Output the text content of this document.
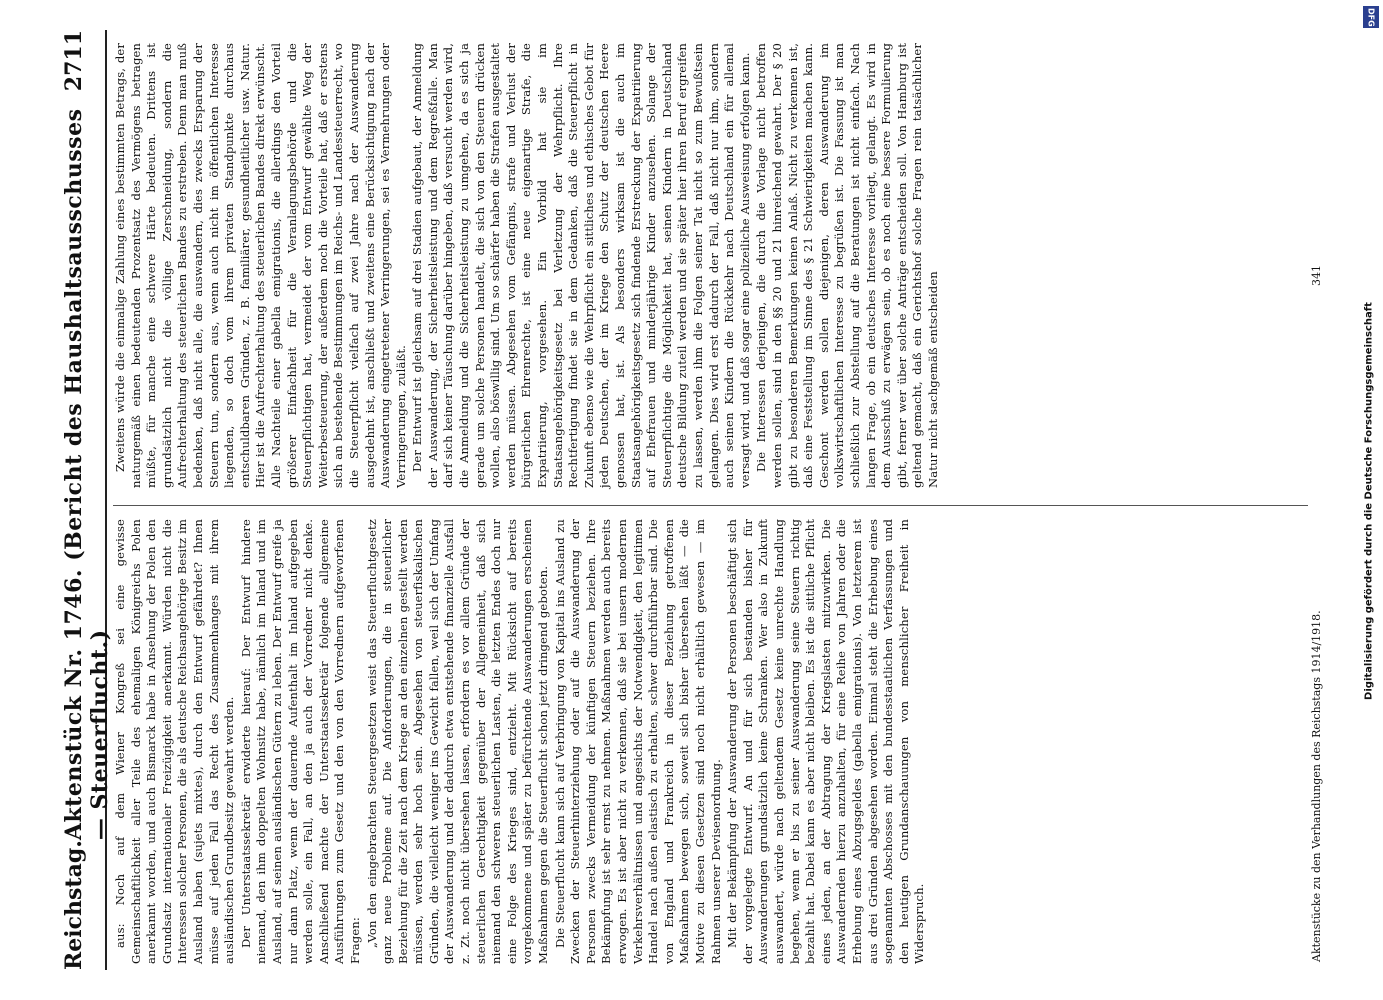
Reichstag.
Aktenstück Nr. 1746. (Bericht des Haushaltsausschusses — Steuerflucht.)
2711

aus: Noch auf dem Wiener Kongreß sei eine gewisse Gemeinschaftlichkeit aller Teile des ehemaligen Königreichs Polen anerkannt worden, und auch Bismarck habe in Ansehung der Polen den Grundsatz internationaler Freizügigkeit anerkannt. Würden nicht die Interessen solcher Personen, die als deutsche Reichsangehörige Besitz im Ausland haben (sujets mixtes), durch den Entwurf gefährdet? Ihnen müsse auf jeden Fall das Recht des Zusammenhanges mit ihrem ausländischen Grundbesitz gewahrt werden. Der Unterstaatssekretär erwiderte hierauf: Der Entwurf hindere niemand, den ihm doppelten Wohnsitz habe, nämlich im Inland und im Ausland, auf seinen ausländischen Gütern zu leben. Der Entwurf greife ja nur dann Platz, wenn der dauernde Aufenthalt im Inland aufgegeben werden solle, ein Fall, an den ja auch der Vorredner nicht denke. Anschließend machte der Unterstaatssekretär folgende allgemeine Ausführungen zum Gesetz und den von den Vorrednern aufgeworfenen Fragen: „Von den eingebrachten Steuergesetzen weist das Steuerfluchtgesetz ganz neue Probleme auf. Die Anforderungen, die in steuerlicher Beziehung für die Zeit nach dem Kriege an den einzelnen gestellt werden müssen, werden sehr hoch sein. Abgesehen von steuerfiskalischen Gründen, die vielleicht weniger ins Gewicht fallen, weil sich der Umfang der Auswanderung und der dadurch etwa entstehende finanzielle Ausfall z. Zt. noch nicht übersehen lassen, erfordern es vor allem Gründe der steuerlichen Gerechtigkeit gegenüber der Allgemeinheit, daß sich niemand den schweren steuerlichen Lasten, die letzten Endes doch nur eine Folge des Krieges sind, entzieht. Mit Rücksicht auf bereits vorgekommene und später zu befürchtende Auswanderungen erscheinen Maßnahmen gegen die Steuerflucht schon jetzt dringend geboten. Die Steuerflucht kann sich auf Verbringung von Kapital ins Ausland zu Zwecken der Steuerhinterziehung oder auf die Auswanderung der Personen zwecks Vermeidung der künftigen Steuern beziehen. Ihre Bekämpfung ist sehr ernst zu nehmen. Maßnahmen werden auch bereits erwogen. Es ist aber nicht zu verkennen, daß sie bei unsern modernen Verkehrsverhältnissen und angesichts der Notwendigkeit, den legitimen Handel nach außen elastisch zu erhalten, schwer durchführbar sind. Die von England und Frankreich in dieser Beziehung getroffenen Maßnahmen bewegen sich, soweit sich bisher übersehen läßt — die Motive zu diesen Gesetzen sind noch nicht erhältlich gewesen — im Rahmen unserer Devisenordnung. Mit der Bekämpfung der Auswanderung der Personen beschäftigt sich der vorgelegte Entwurf. An und für sich bestanden bisher für Auswanderungen grundsätzlich keine Schranken. Wer also in Zukunft auswandert, würde nach geltendem Gesetz keine unrechte Handlung begehen, wenn er bis zu seiner Auswanderung seine Steuern richtig bezahlt hat. Dabei kann es aber nicht bleiben. Es ist die sittliche Pflicht eines jeden, an der Abtragung der Kriegslasten mitzuwirken. Die Auswandernden hierzu anzuhalten, für eine Reihe von Jahren oder die Erhebung eines Abzugsgeldes (gabella emigrationis). Von letzterem ist aus drei Gründen abgesehen worden. Einmal steht die Erhebung eines sogenannten Abschosses mit den bundesstaatlichen Verfassungen und den heutigen Grundanschauungen von menschlicher Freiheit in Widerspruch.

Zweitens würde die einmalige Zahlung eines bestimmten Betrags, der naturgemäß einen bedeutenden Prozentsatz des Vermögens betragen müßte, für manche eine schwere Härte bedeuten. Drittens ist grundsätzlich nicht die völlige Zerschneidung, sondern die Aufrechterhaltung des steuerlichen Bandes zu erstreben. Denn man muß bedenken, daß nicht alle, die auswandern, dies zwecks Ersparung der Steuern tun, sondern aus, wenn auch nicht im öffentlichen Interesse liegenden, so doch vom ihrem privaten Standpunkte durchaus entschuldbaren Gründen, z. B. familiärer, gesundheitlicher usw. Natur. Hier ist die Aufrechterhaltung des steuerlichen Bandes direkt erwünscht. Alle Nachteile einer gabella emigrationis, die allerdings den Vorteil größerer Einfachheit für die Veranlagungsbehörde und die Steuerpflichtigen hat, vermeidet der vom Entwurf gewählte Weg der Weiterbesteuerung, der außerdem noch die Vorteile hat, daß er erstens sich an bestehende Bestimmungen im Reichs- und Landessteuerrecht, wo die Steuerpflicht vielfach auf zwei Jahre nach der Auswanderung ausgedehnt ist, anschließt und zweitens eine Berücksichtigung nach der Auswanderung eingetretener Verringerungen, sei es Vermehrungen oder Verringerungen, zuläßt. Der Entwurf ist gleichsam auf drei Stadien aufgebaut, der Anmeldung der Auswanderung, der Sicherheitsleistung und dem Regreßfalle. Man darf sich keiner Täuschung darüber hingeben, daß versucht werden wird, die Anmeldung und die Sicherheitsleistung zu umgehen, da es sich ja gerade um solche Personen handelt, die sich von den Steuern drücken wollen, also böswillig sind. Um so schärfer haben die Strafen ausgestaltet werden müssen. Abgesehen vom Gefängnis, strafe und Verlust der bürgerlichen Ehrenrechte, ist eine neue eigenartige Strafe, die Expatriierung, vorgesehen. Ein Vorbild hat sie im Staatsangehörigkeitsgesetz bei Verletzung der Wehrpflicht. Ihre Rechtfertigung findet sie in dem Gedanken, daß die Steuerpflicht in Zukunft ebenso wie die Wehrpflicht ein sittliches und ethisches Gebot für jeden Deutschen, der im Kriege den Schutz der deutschen Heere genossen hat, ist. Als besonders wirksam ist die auch im Staatsangehörigkeitsgesetz sich findende Erstreckung der Expatriierung auf Ehefrauen und minderjährige Kinder anzusehen. Solange der Steuerpflichtige die Möglichkeit hat, seinen Kindern in Deutschland deutsche Bildung zuteil werden und sie später hier ihren Beruf ergreifen zu lassen, werden ihm die Folgen seiner Tat nicht so zum Bewußtsein gelangen. Dies wird erst dadurch der Fall, daß nicht nur ihm, sondern auch seinen Kindern die Rückkehr nach Deutschland ein für allemal versagt wird, und daß sogar eine polizeiliche Ausweisung erfolgen kann. Die Interessen derjenigen, die durch die Vorlage nicht betroffen werden sollen, sind in den §§ 20 und 21 hinreichend gewahrt. Der § 20 gibt zu besonderen Bemerkungen keinen Anlaß. Nicht zu verkennen ist, daß eine Feststellung im Sinne des § 21 Schwierigkeiten machen kann. Geschont werden sollen diejenigen, deren Auswanderung im volkswirtschaftlichen Interesse zu begrüßen ist. Die Fassung ist man schließlich zur Abstellung auf die Beratungen ist nicht einfach. Nach langen Frage, ob ein deutsches Interesse vorliegt, gelangt. Es wird in dem Ausschuß zu erwägen sein, ob es noch eine bessere Formulierung gibt, ferner wer über solche Anträge entscheiden soll. Von Hamburg ist geltend gemacht, daß ein Gerichtshof solche Fragen rein tatsächlicher Natur nicht sachgemäß entscheiden

Aktenstücke zu den Verhandlungen des Reichstags 1914/1918.
341
Digitalisierung gefördert durch die Deutsche Forschungsgemeinschaft
DFG
